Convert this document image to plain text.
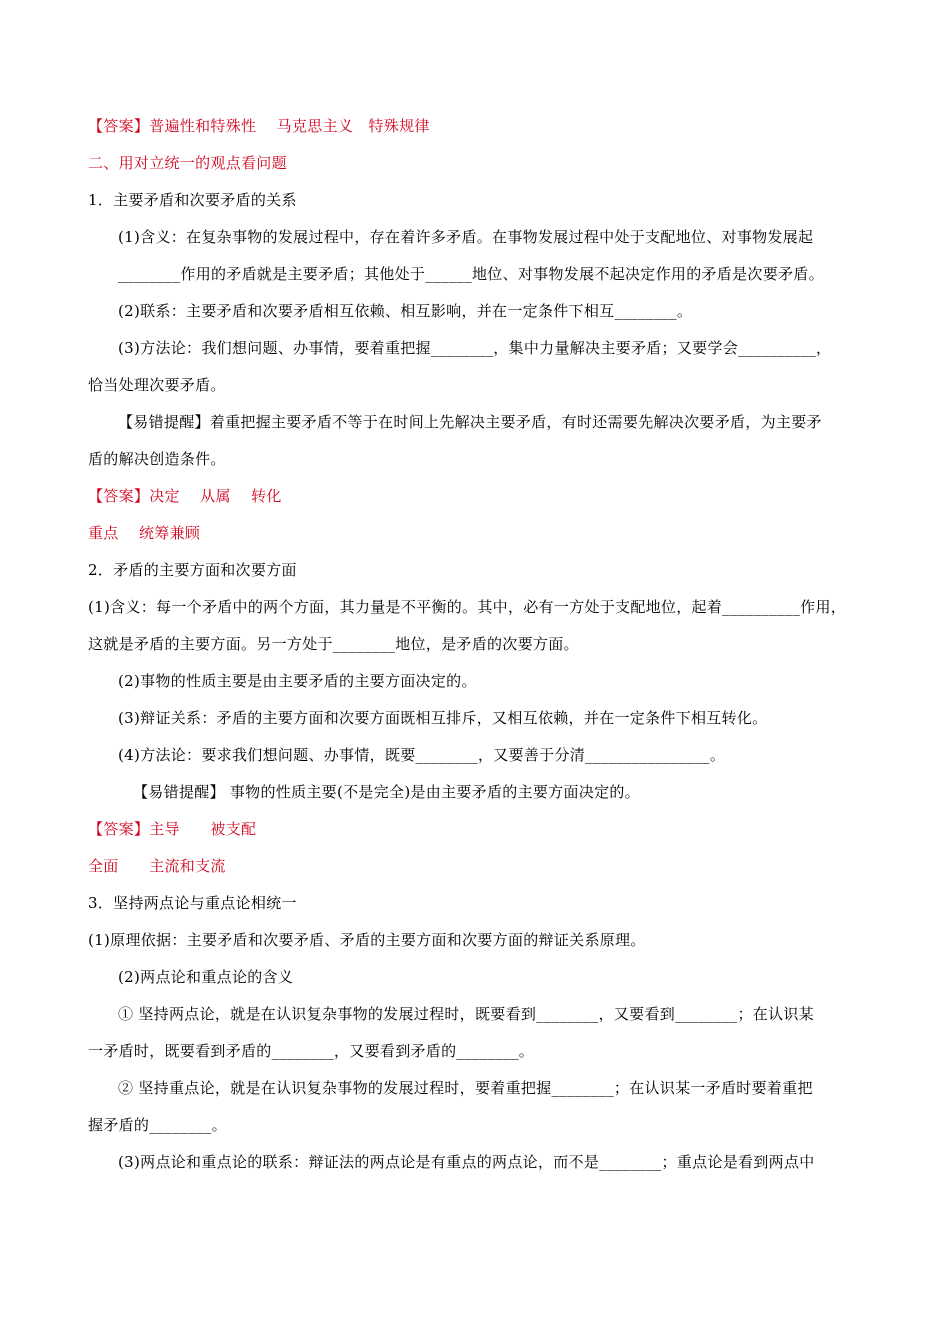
【答案】普遍性和特殊性　 马克思主义　特殊规律
二、用对立统一的观点看问题
1．主要矛盾和次要矛盾的关系
(1)含义：在复杂事物的发展过程中，存在着许多矛盾。在事物发展过程中处于支配地位、对事物发展起
________作用的矛盾就是主要矛盾；其他处于______地位、对事物发展不起决定作用的矛盾是次要矛盾。
(2)联系：主要矛盾和次要矛盾相互依赖、相互影响，并在一定条件下相互________。
(3)方法论：我们想问题、办事情，要着重把握________，集中力量解决主要矛盾；又要学会__________，
恰当处理次要矛盾。
【易错提醒】着重把握主要矛盾不等于在时间上先解决主要矛盾，有时还需要先解决次要矛盾，为主要矛
盾的解决创造条件。
【答案】决定　 从属　 转化
重点　 统筹兼顾
2．矛盾的主要方面和次要方面
(1)含义：每一个矛盾中的两个方面，其力量是不平衡的。其中，必有一方处于支配地位，起着__________作用，
这就是矛盾的主要方面。另一方处于________地位，是矛盾的次要方面。
(2)事物的性质主要是由主要矛盾的主要方面决定的。
(3)辩证关系：矛盾的主要方面和次要方面既相互排斥，又相互依赖，并在一定条件下相互转化。
(4)方法论：要求我们想问题、办事情，既要________，又要善于分清________________。
【易错提醒】 事物的性质主要(不是完全)是由主要矛盾的主要方面决定的。
【答案】主导　　被支配
全面　　主流和支流
3．坚持两点论与重点论相统一
(1)原理依据：主要矛盾和次要矛盾、矛盾的主要方面和次要方面的辩证关系原理。
(2)两点论和重点论的含义
① 坚持两点论，就是在认识复杂事物的发展过程时，既要看到________，又要看到________；在认识某
一矛盾时，既要看到矛盾的________，又要看到矛盾的________。
② 坚持重点论，就是在认识复杂事物的发展过程时，要着重把握________；在认识某一矛盾时要着重把
握矛盾的________。
(3)两点论和重点论的联系：辩证法的两点论是有重点的两点论，而不是________；重点论是看到两点中
